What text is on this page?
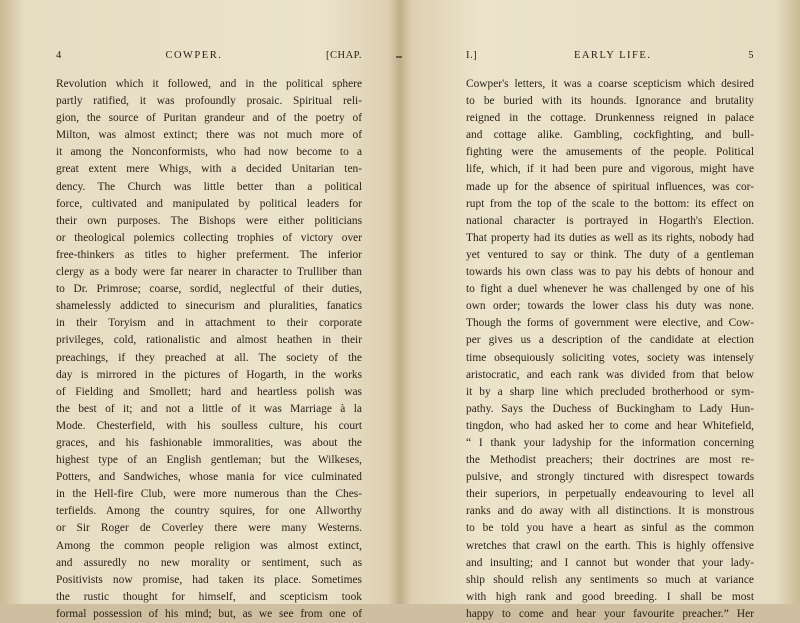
4	COWPER.	[CHAP.
Revolution which it followed, and in the political sphere
partly ratified, it was profoundly prosaic. Spiritual reli-
gion, the source of Puritan grandeur and of the poetry of
Milton, was almost extinct; there was not much more of
it among the Nonconformists, who had now become to a
great extent mere Whigs, with a decided Unitarian ten-
dency. The Church was little better than a political
force, cultivated and manipulated by political leaders for
their own purposes. The Bishops were either politicians
or theological polemics collecting trophies of victory over
free-thinkers as titles to higher preferment. The inferior
clergy as a body were far nearer in character to Trulliber than
to Dr. Primrose; coarse, sordid, neglectful of their duties,
shamelessly addicted to sinecurism and pluralities, fanatics
in their Toryism and in attachment to their corporate
privileges, cold, rationalistic and almost heathen in their
preachings, if they preached at all. The society of the
day is mirrored in the pictures of Hogarth, in the works
of Fielding and Smollett; hard and heartless polish was
the best of it; and not a little of it was Marriage à la
Mode. Chesterfield, with his soulless culture, his court
graces, and his fashionable immoralities, was about the
highest type of an English gentleman; but the Wilkeses,
Potters, and Sandwiches, whose mania for vice culminated
in the Hell-fire Club, were more numerous than the Ches-
terfields. Among the country squires, for one Allworthy
or Sir Roger de Coverley there were many Westerns.
Among the common people religion was almost extinct,
and assuredly no new morality or sentiment, such as
Positivists now promise, had taken its place. Sometimes
the rustic thought for himself, and scepticism took
formal possession of his mind; but, as we see from one of
I.]	EARLY LIFE.	5
Cowper's letters, it was a coarse scepticism which desired
to be buried with its hounds. Ignorance and brutality
reigned in the cottage. Drunkenness reigned in palace
and cottage alike. Gambling, cockfighting, and bull-
fighting were the amusements of the people. Political
life, which, if it had been pure and vigorous, might have
made up for the absence of spiritual influences, was cor-
rupt from the top of the scale to the bottom: its effect on
national character is portrayed in Hogarth's Election.
That property had its duties as well as its rights, nobody had
yet ventured to say or think. The duty of a gentleman
towards his own class was to pay his debts of honour and
to fight a duel whenever he was challenged by one of his
own order; towards the lower class his duty was none.
Though the forms of government were elective, and Cow-
per gives us a description of the candidate at election
time obsequiously soliciting votes, society was intensely
aristocratic, and each rank was divided from that below
it by a sharp line which precluded brotherhood or sym-
pathy. Says the Duchess of Buckingham to Lady Hun-
tingdon, who had asked her to come and hear Whitefield,
“ I thank your ladyship for the information concerning
the Methodist preachers; their doctrines are most re-
pulsive, and strongly tinctured with disrespect towards
their superiors, in perpetually endeavouring to level all
ranks and do away with all distinctions. It is monstrous
to be told you have a heart as sinful as the common
wretches that crawl on the earth. This is highly offensive
and insulting; and I cannot but wonder that your lady-
ship should relish any sentiments so much at variance
with high rank and good breeding. I shall be most
happy to come and hear your favourite preacher.” Her
